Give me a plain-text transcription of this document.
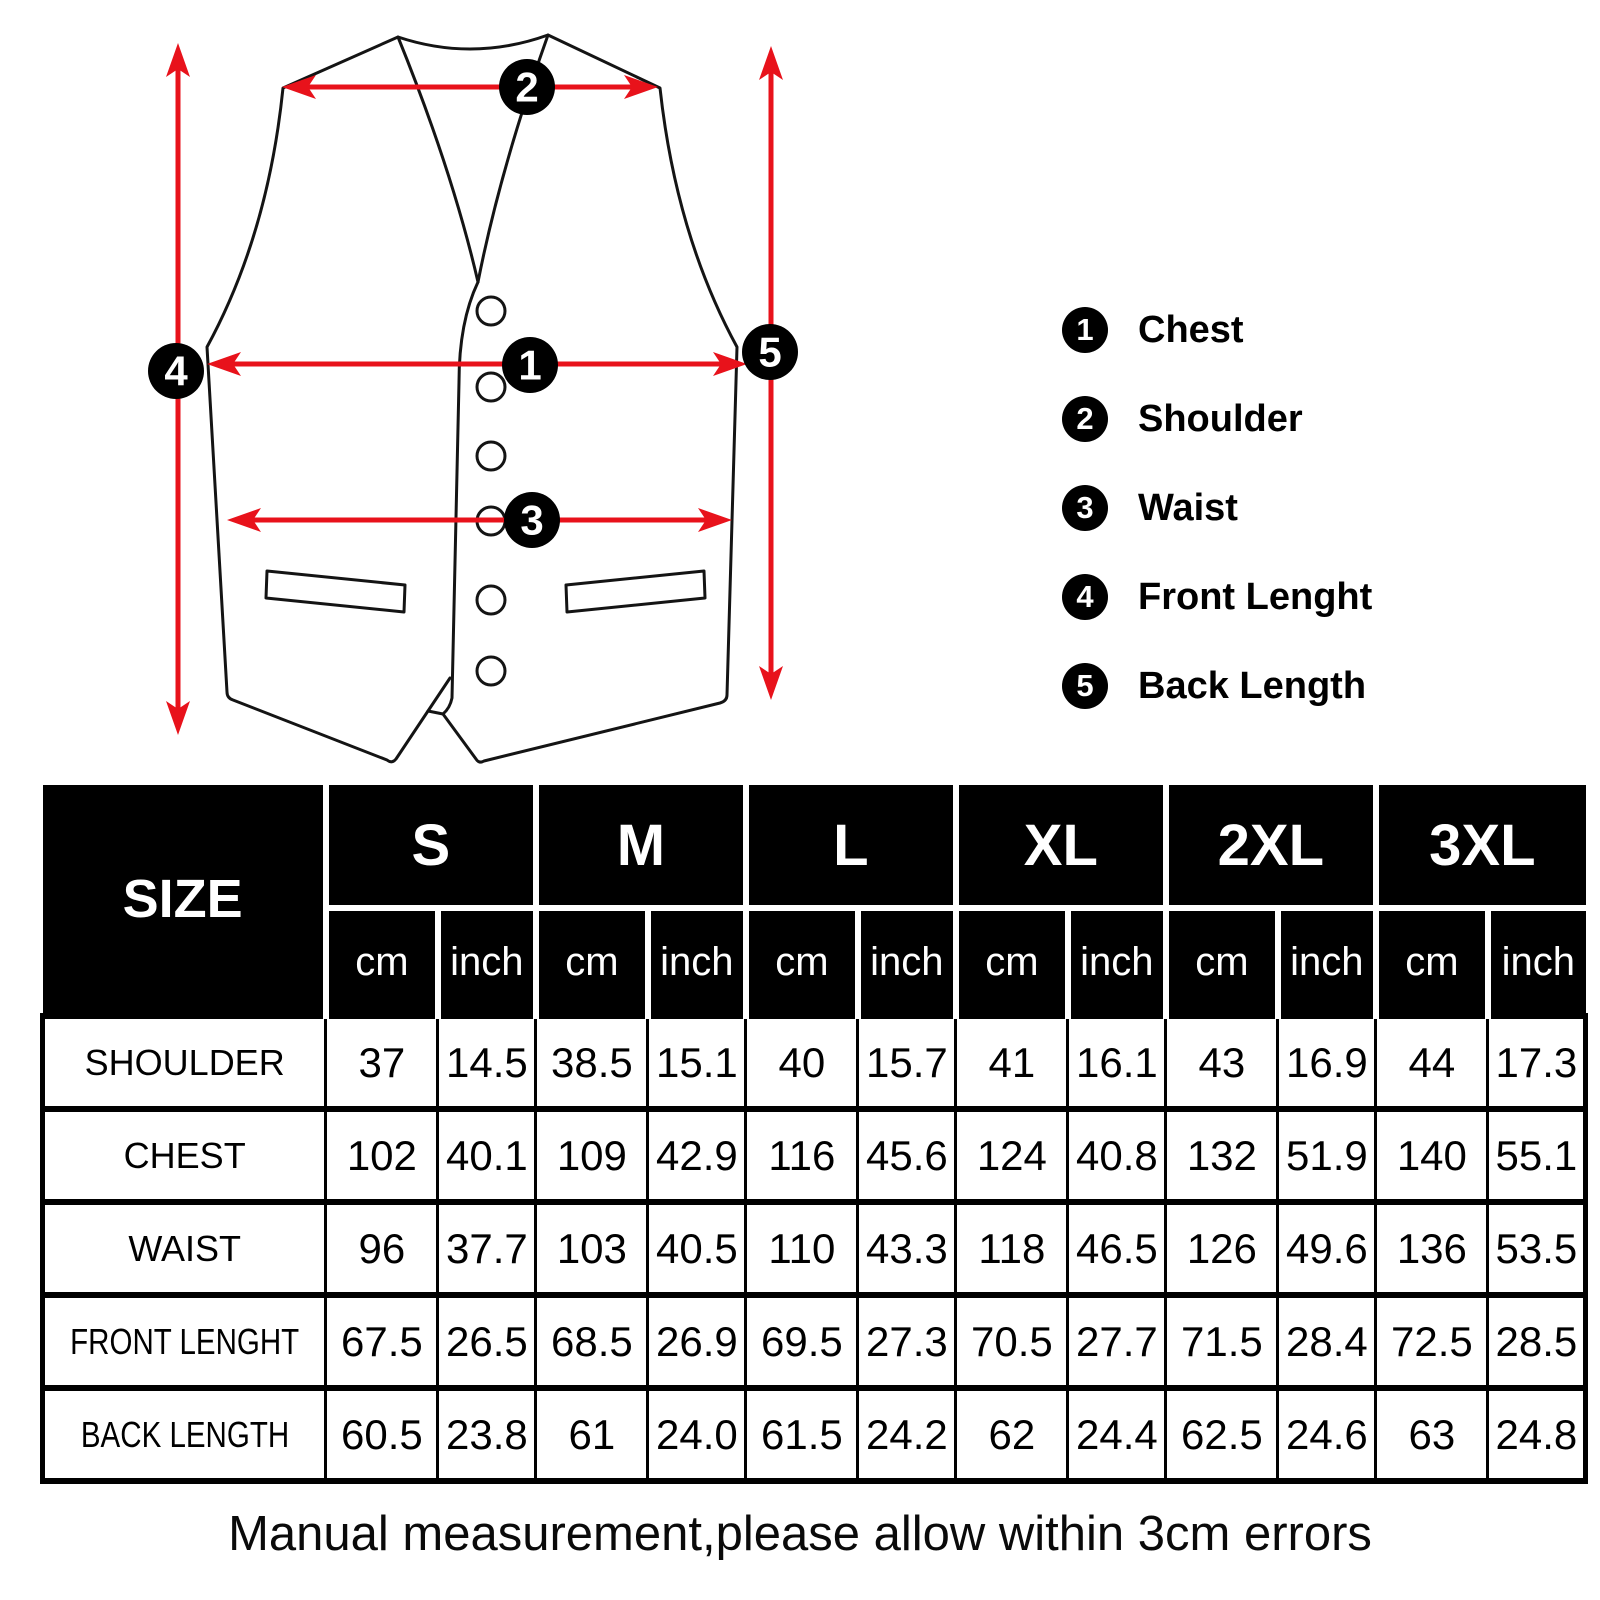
1
2
3
4	5	1	Chest
2	Shoulder
3	Waist
4	Front Lenght
5	Back Length
SIZE	S		M		L		XL		2XL		3XL	
	cm	inch	cm	inch	cm	inch	cm	inch	cm	inch	cm	inch
SHOULDER	37	14.5	38.5	15.1	40	15.7	41	16.1	43	16.9	44	17.3
CHEST	102	40.1	109	42.9	116	45.6	124	40.8	132	51.9	140	55.1
WAIST	96	37.7	103	40.5	110	43.3	118	46.5	126	49.6	136	53.5
FRONT LENGHT	67.5	26.5	68.5	26.9	69.5	27.3	70.5	27.7	71.5	28.4	72.5	28.5
BACK LENGTH	60.5	23.8	61	24.0	61.5	24.2	62	24.4	62.5	24.6	63	24.8
Manual measurement,please allow within 3cm errors
